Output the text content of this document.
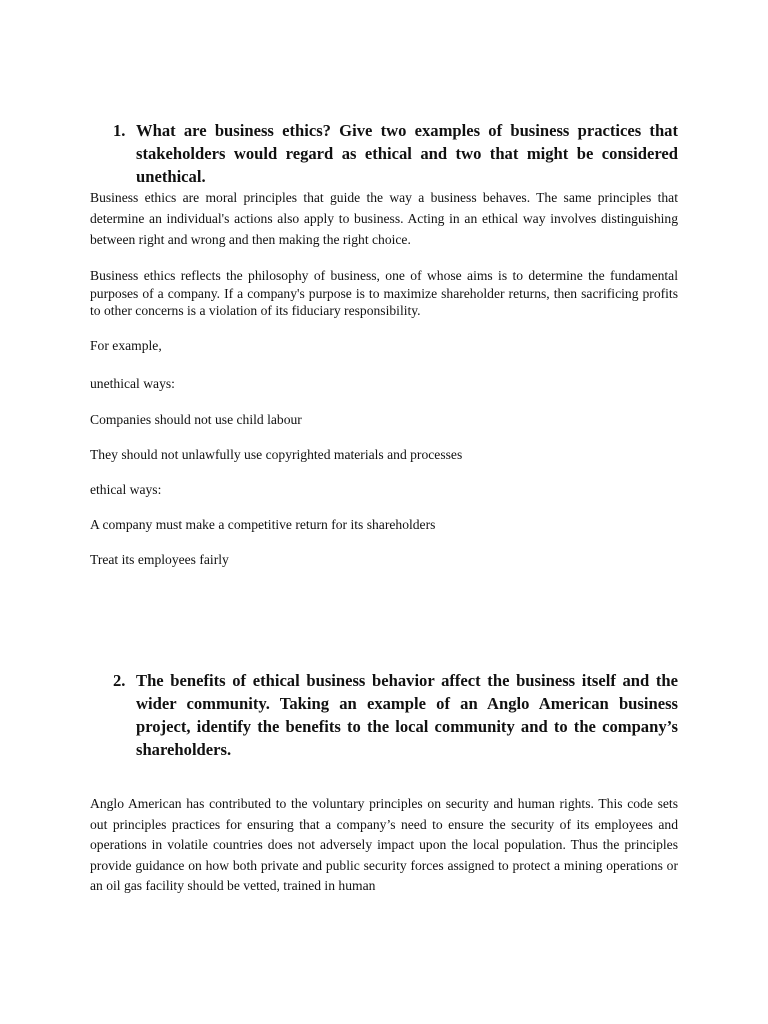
1. What are business ethics? Give two examples of business practices that stakeholders would regard as ethical and two that might be considered unethical.

Business ethics are moral principles that guide the way a business behaves. The same principles that determine an individual's actions also apply to business. Acting in an ethical way involves distinguishing between right and wrong and then making the right choice.

Business ethics reflects the philosophy of business, one of whose aims is to determine the fundamental purposes of a company. If a company's purpose is to maximize shareholder returns, then sacrificing profits to other concerns is a violation of its fiduciary responsibility.

For example,
unethical ways:
Companies should not use child labour
They should not unlawfully use copyrighted materials and processes
ethical ways:
A company must make a competitive return for its shareholders
Treat its employees fairly
2. The benefits of ethical business behavior affect the business itself and the wider community. Taking an example of an Anglo American business project, identify the benefits to the local community and to the company’s shareholders.

Anglo American has contributed to the voluntary principles on security and human rights. This code sets out principles practices for ensuring that a company’s need to ensure the security of its employees and operations in volatile countries does not adversely impact upon the local population. Thus the principles provide guidance on how both private and public security forces assigned to protect a mining operations or an oil gas facility should be vetted, trained in human
